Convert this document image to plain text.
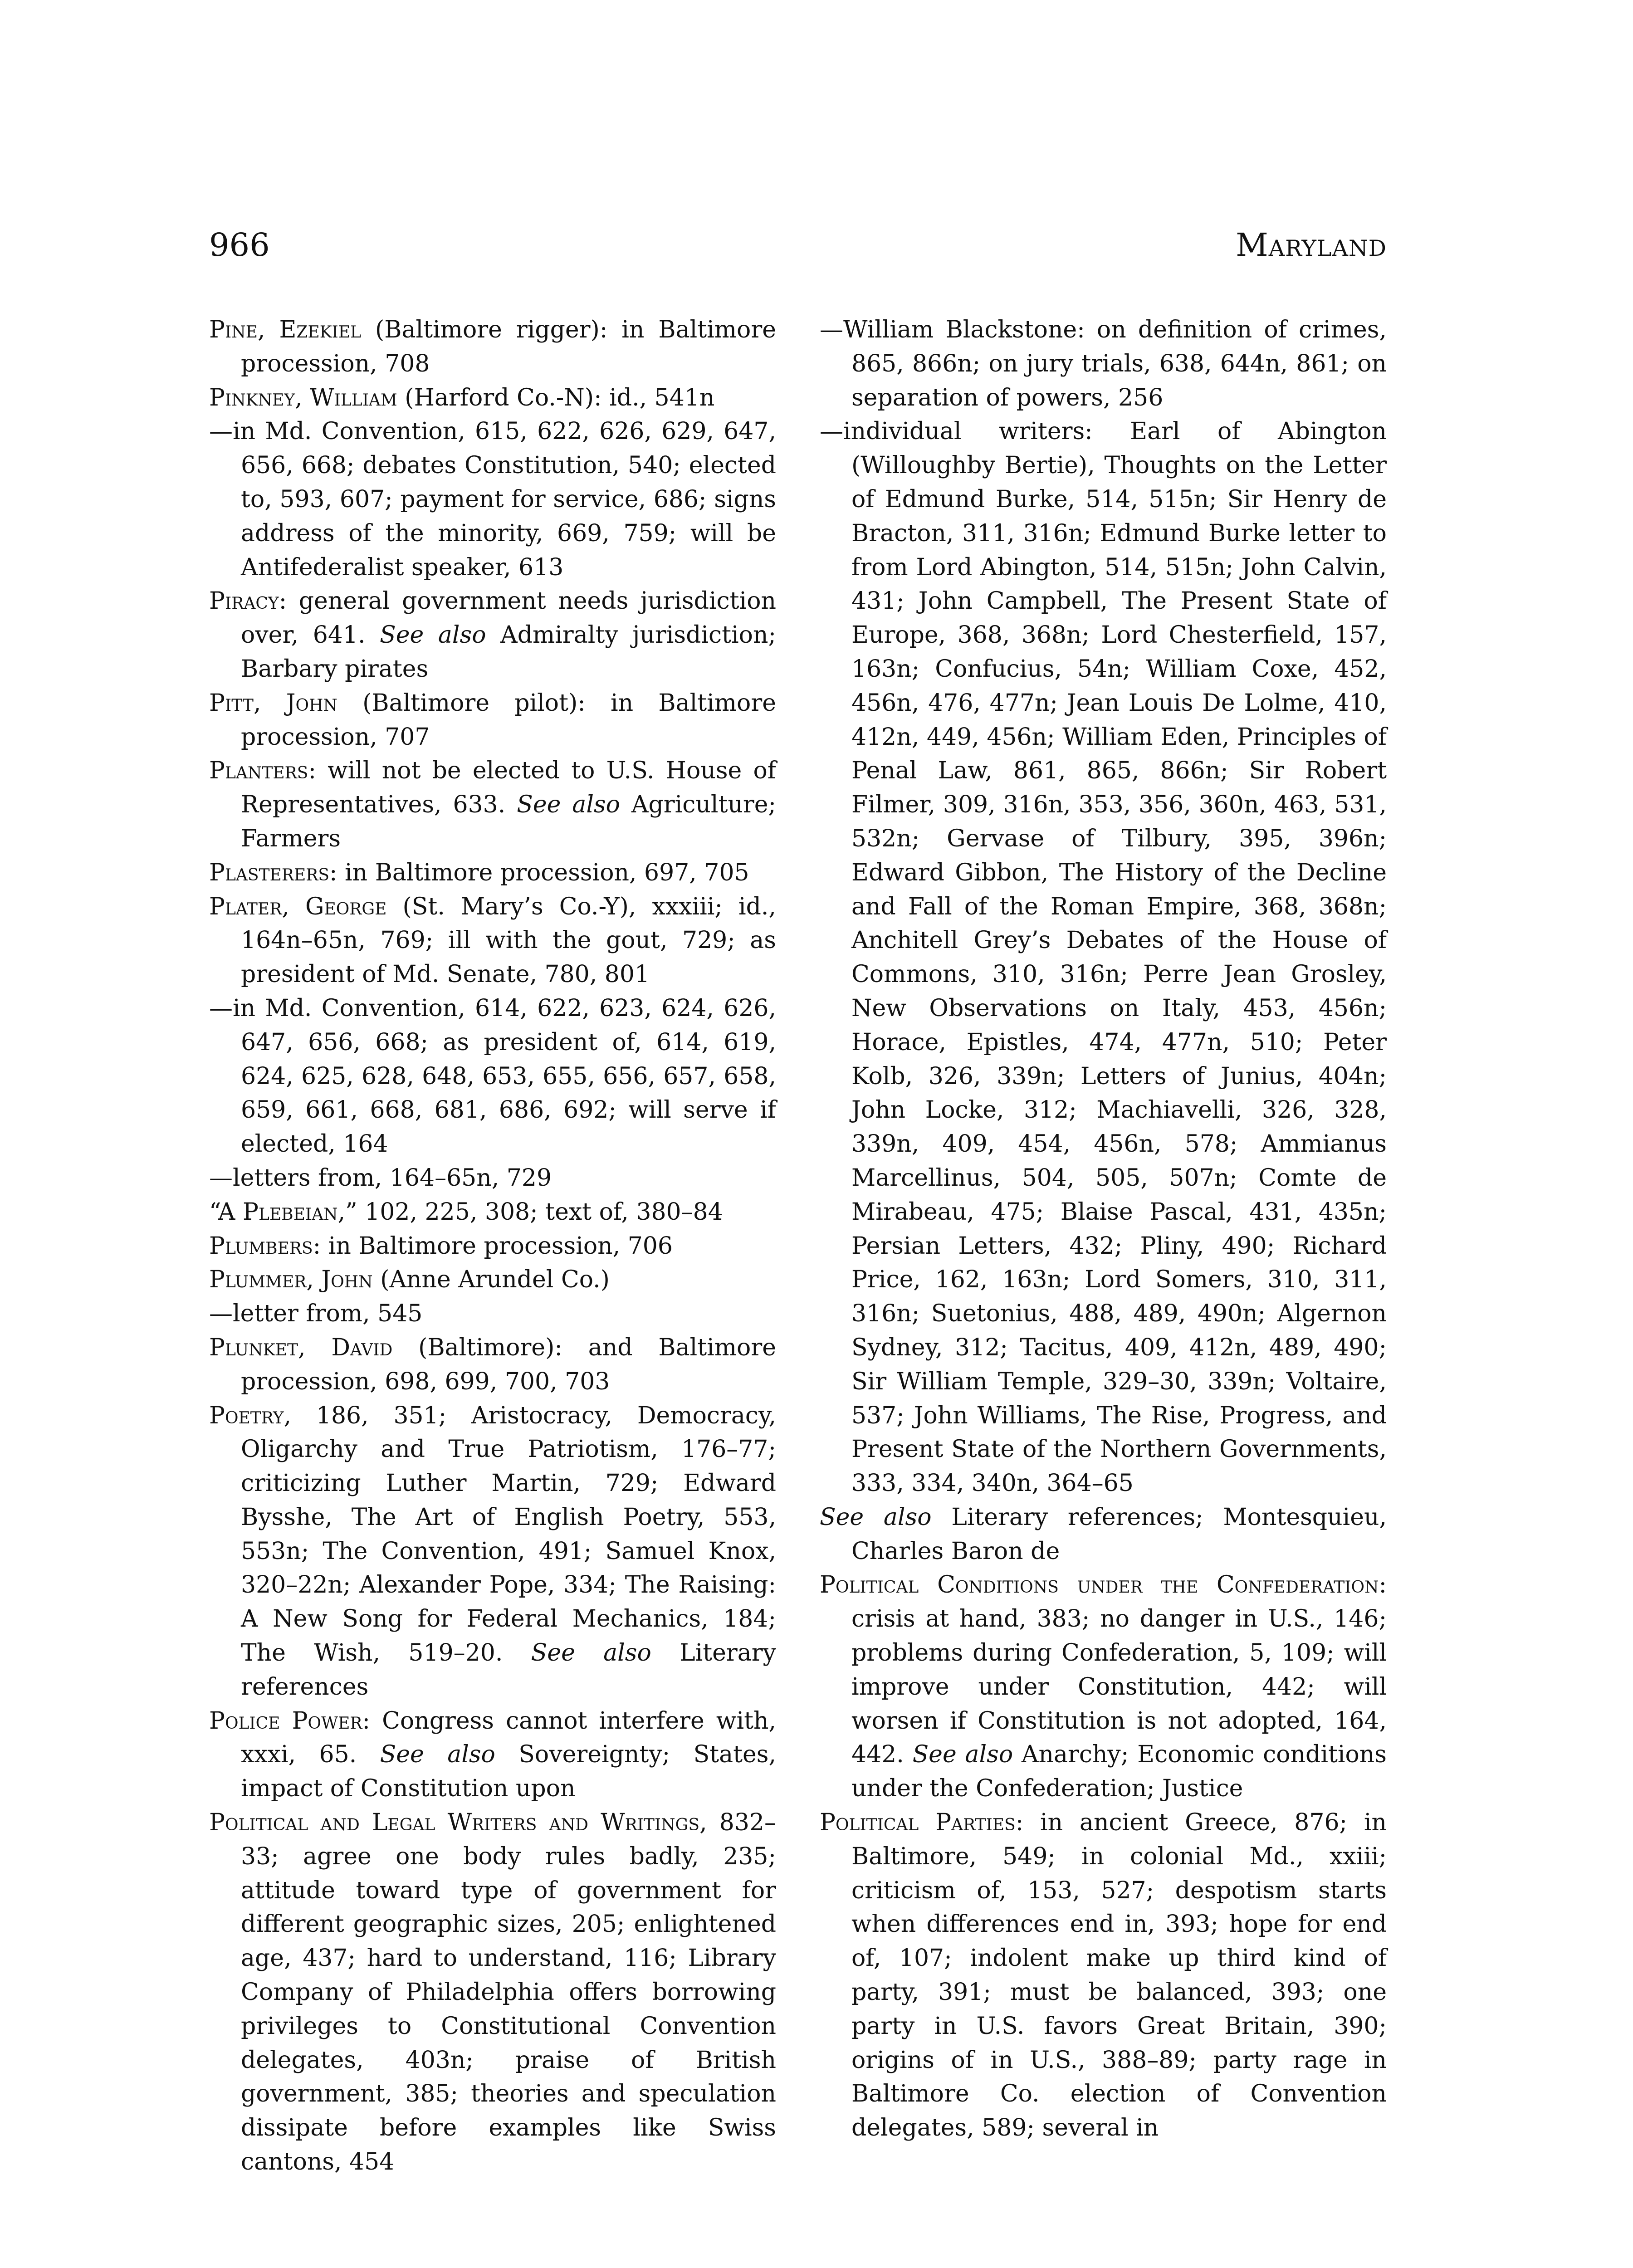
966	Maryland
Pine, Ezekiel (Baltimore rigger): in Baltimore procession, 708
Pinkney, William (Harford Co.-N): id., 541n
—in Md. Convention, 615, 622, 626, 629, 647, 656, 668; debates Constitution, 540; elected to, 593, 607; payment for service, 686; signs address of the minority, 669, 759; will be Antifederalist speaker, 613
Piracy: general government needs jurisdiction over, 641. See also Admiralty jurisdiction; Barbary pirates
Pitt, John (Baltimore pilot): in Baltimore procession, 707
Planters: will not be elected to U.S. House of Representatives, 633. See also Agriculture; Farmers
Plasterers: in Baltimore procession, 697, 705
Plater, George (St. Mary’s Co.-Y), xxxiii; id., 164n–65n, 769; ill with the gout, 729; as president of Md. Senate, 780, 801
—in Md. Convention, 614, 622, 623, 624, 626, 647, 656, 668; as president of, 614, 619, 624, 625, 628, 648, 653, 655, 656, 657, 658, 659, 661, 668, 681, 686, 692; will serve if elected, 164
—letters from, 164–65n, 729
“A Plebeian,” 102, 225, 308; text of, 380–84
Plumbers: in Baltimore procession, 706
Plummer, John (Anne Arundel Co.)
—letter from, 545
Plunket, David (Baltimore): and Baltimore procession, 698, 699, 700, 703
Poetry, 186, 351; Aristocracy, Democracy, Oligarchy and True Patriotism, 176–77; criticizing Luther Martin, 729; Edward Bysshe, The Art of English Poetry, 553, 553n; The Convention, 491; Samuel Knox, 320–22n; Alexander Pope, 334; The Raising: A New Song for Federal Mechanics, 184; The Wish, 519–20. See also Literary references
Police Power: Congress cannot interfere with, xxxi, 65. See also Sovereignty; States, impact of Constitution upon
Political and Legal Writers and Writings, 832–33; agree one body rules badly, 235; attitude toward type of government for different geographic sizes, 205; enlightened age, 437; hard to understand, 116; Library Company of Philadelphia offers borrowing privileges to Constitutional Convention delegates, 403n; praise of British government, 385; theories and speculation dissipate before examples like Swiss cantons, 454
—William Blackstone: on definition of crimes, 865, 866n; on jury trials, 638, 644n, 861; on separation of powers, 256
—individual writers: Earl of Abington (Willoughby Bertie), Thoughts on the Letter of Edmund Burke, 514, 515n; Sir Henry de Bracton, 311, 316n; Edmund Burke letter to from Lord Abington, 514, 515n; John Calvin, 431; John Campbell, The Present State of Europe, 368, 368n; Lord Chesterfield, 157, 163n; Confucius, 54n; William Coxe, 452, 456n, 476, 477n; Jean Louis De Lolme, 410, 412n, 449, 456n; William Eden, Principles of Penal Law, 861, 865, 866n; Sir Robert Filmer, 309, 316n, 353, 356, 360n, 463, 531, 532n; Gervase of Tilbury, 395, 396n; Edward Gibbon, The History of the Decline and Fall of the Roman Empire, 368, 368n; Anchitell Grey’s Debates of the House of Commons, 310, 316n; Perre Jean Grosley, New Observations on Italy, 453, 456n; Horace, Epistles, 474, 477n, 510; Peter Kolb, 326, 339n; Letters of Junius, 404n; John Locke, 312; Machiavelli, 326, 328, 339n, 409, 454, 456n, 578; Ammianus Marcellinus, 504, 505, 507n; Comte de Mirabeau, 475; Blaise Pascal, 431, 435n; Persian Letters, 432; Pliny, 490; Richard Price, 162, 163n; Lord Somers, 310, 311, 316n; Suetonius, 488, 489, 490n; Algernon Sydney, 312; Tacitus, 409, 412n, 489, 490; Sir William Temple, 329–30, 339n; Voltaire, 537; John Williams, The Rise, Progress, and Present State of the Northern Governments, 333, 334, 340n, 364–65
See also Literary references; Montesquieu, Charles Baron de
Political Conditions under the Confederation: crisis at hand, 383; no danger in U.S., 146; problems during Confederation, 5, 109; will improve under Constitution, 442; will worsen if Constitution is not adopted, 164, 442. See also Anarchy; Economic conditions under the Confederation; Justice
Political Parties: in ancient Greece, 876; in Baltimore, 549; in colonial Md., xxiii; criticism of, 153, 527; despotism starts when differences end in, 393; hope for end of, 107; indolent make up third kind of party, 391; must be balanced, 393; one party in U.S. favors Great Britain, 390; origins of in U.S., 388–89; party rage in Baltimore Co. election of Convention delegates, 589; several in
